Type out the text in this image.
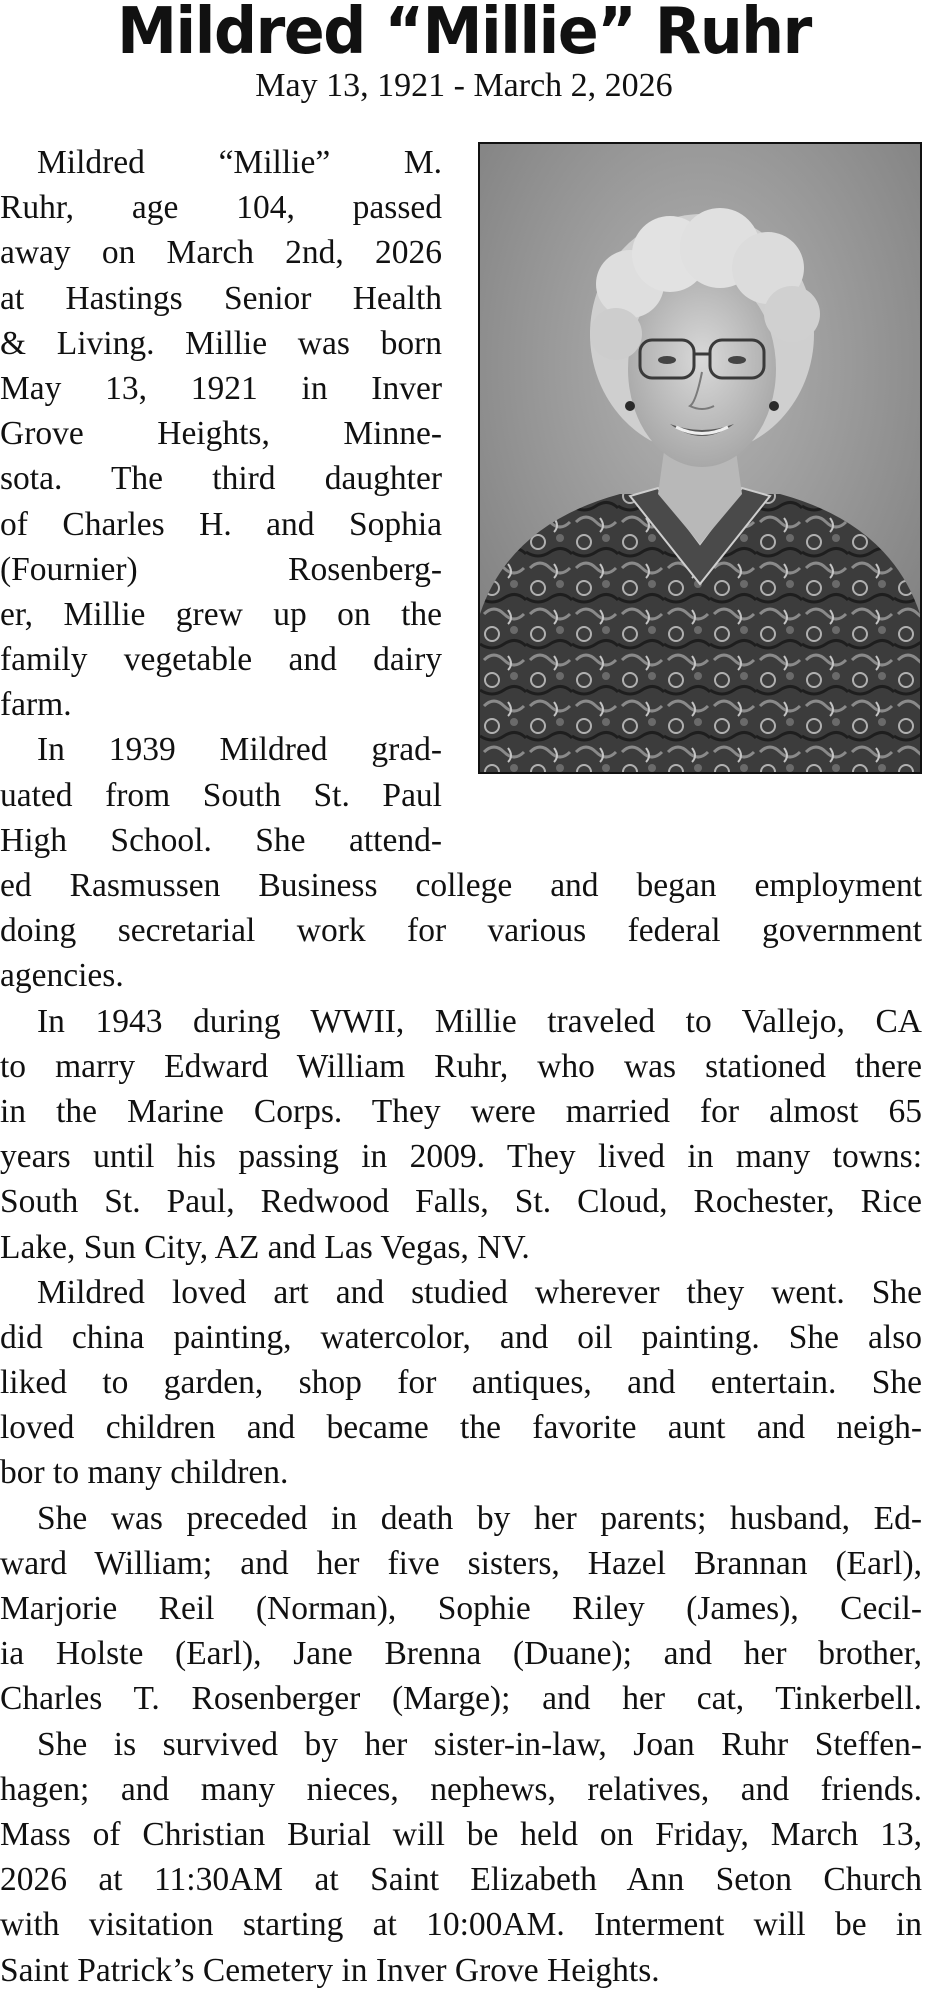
Mildred “Millie” Ruhr

May 13, 1921 - March 2, 2026

Mildred “Millie” M.
Ruhr, age 104, passed
away on March 2nd, 2026
at Hastings Senior Health
& Living. Millie was born
May 13, 1921 in Inver
Grove Heights, Minne-
sota. The third daughter
of Charles H. and Sophia
(Fournier) Rosenberg-
er, Millie grew up on the
family vegetable and dairy
farm.
In 1939 Mildred grad-
uated from South St. Paul
High School. She attend-
ed Rasmussen Business college and began employment
doing secretarial work for various federal government
agencies.
In 1943 during WWII, Millie traveled to Vallejo, CA
to marry Edward William Ruhr, who was stationed there
in the Marine Corps. They were married for almost 65
years until his passing in 2009. They lived in many towns:
South St. Paul, Redwood Falls, St. Cloud, Rochester, Rice
Lake, Sun City, AZ and Las Vegas, NV.
Mildred loved art and studied wherever they went. She
did china painting, watercolor, and oil painting. She also
liked to garden, shop for antiques, and entertain. She
loved children and became the favorite aunt and neigh-
bor to many children.
She was preceded in death by her parents; husband, Ed-
ward William; and her five sisters, Hazel Brannan (Earl),
Marjorie Reil (Norman), Sophie Riley (James), Cecil-
ia Holste (Earl), Jane Brenna (Duane); and her brother,
Charles T. Rosenberger (Marge); and her cat, Tinkerbell.
She is survived by her sister-in-law, Joan Ruhr Steffen-
hagen; and many nieces, nephews, relatives, and friends.
Mass of Christian Burial will be held on Friday, March 13,
2026 at 11:30AM at Saint Elizabeth Ann Seton Church
with visitation starting at 10:00AM. Interment will be in
Saint Patrick’s Cemetery in Inver Grove Heights.
